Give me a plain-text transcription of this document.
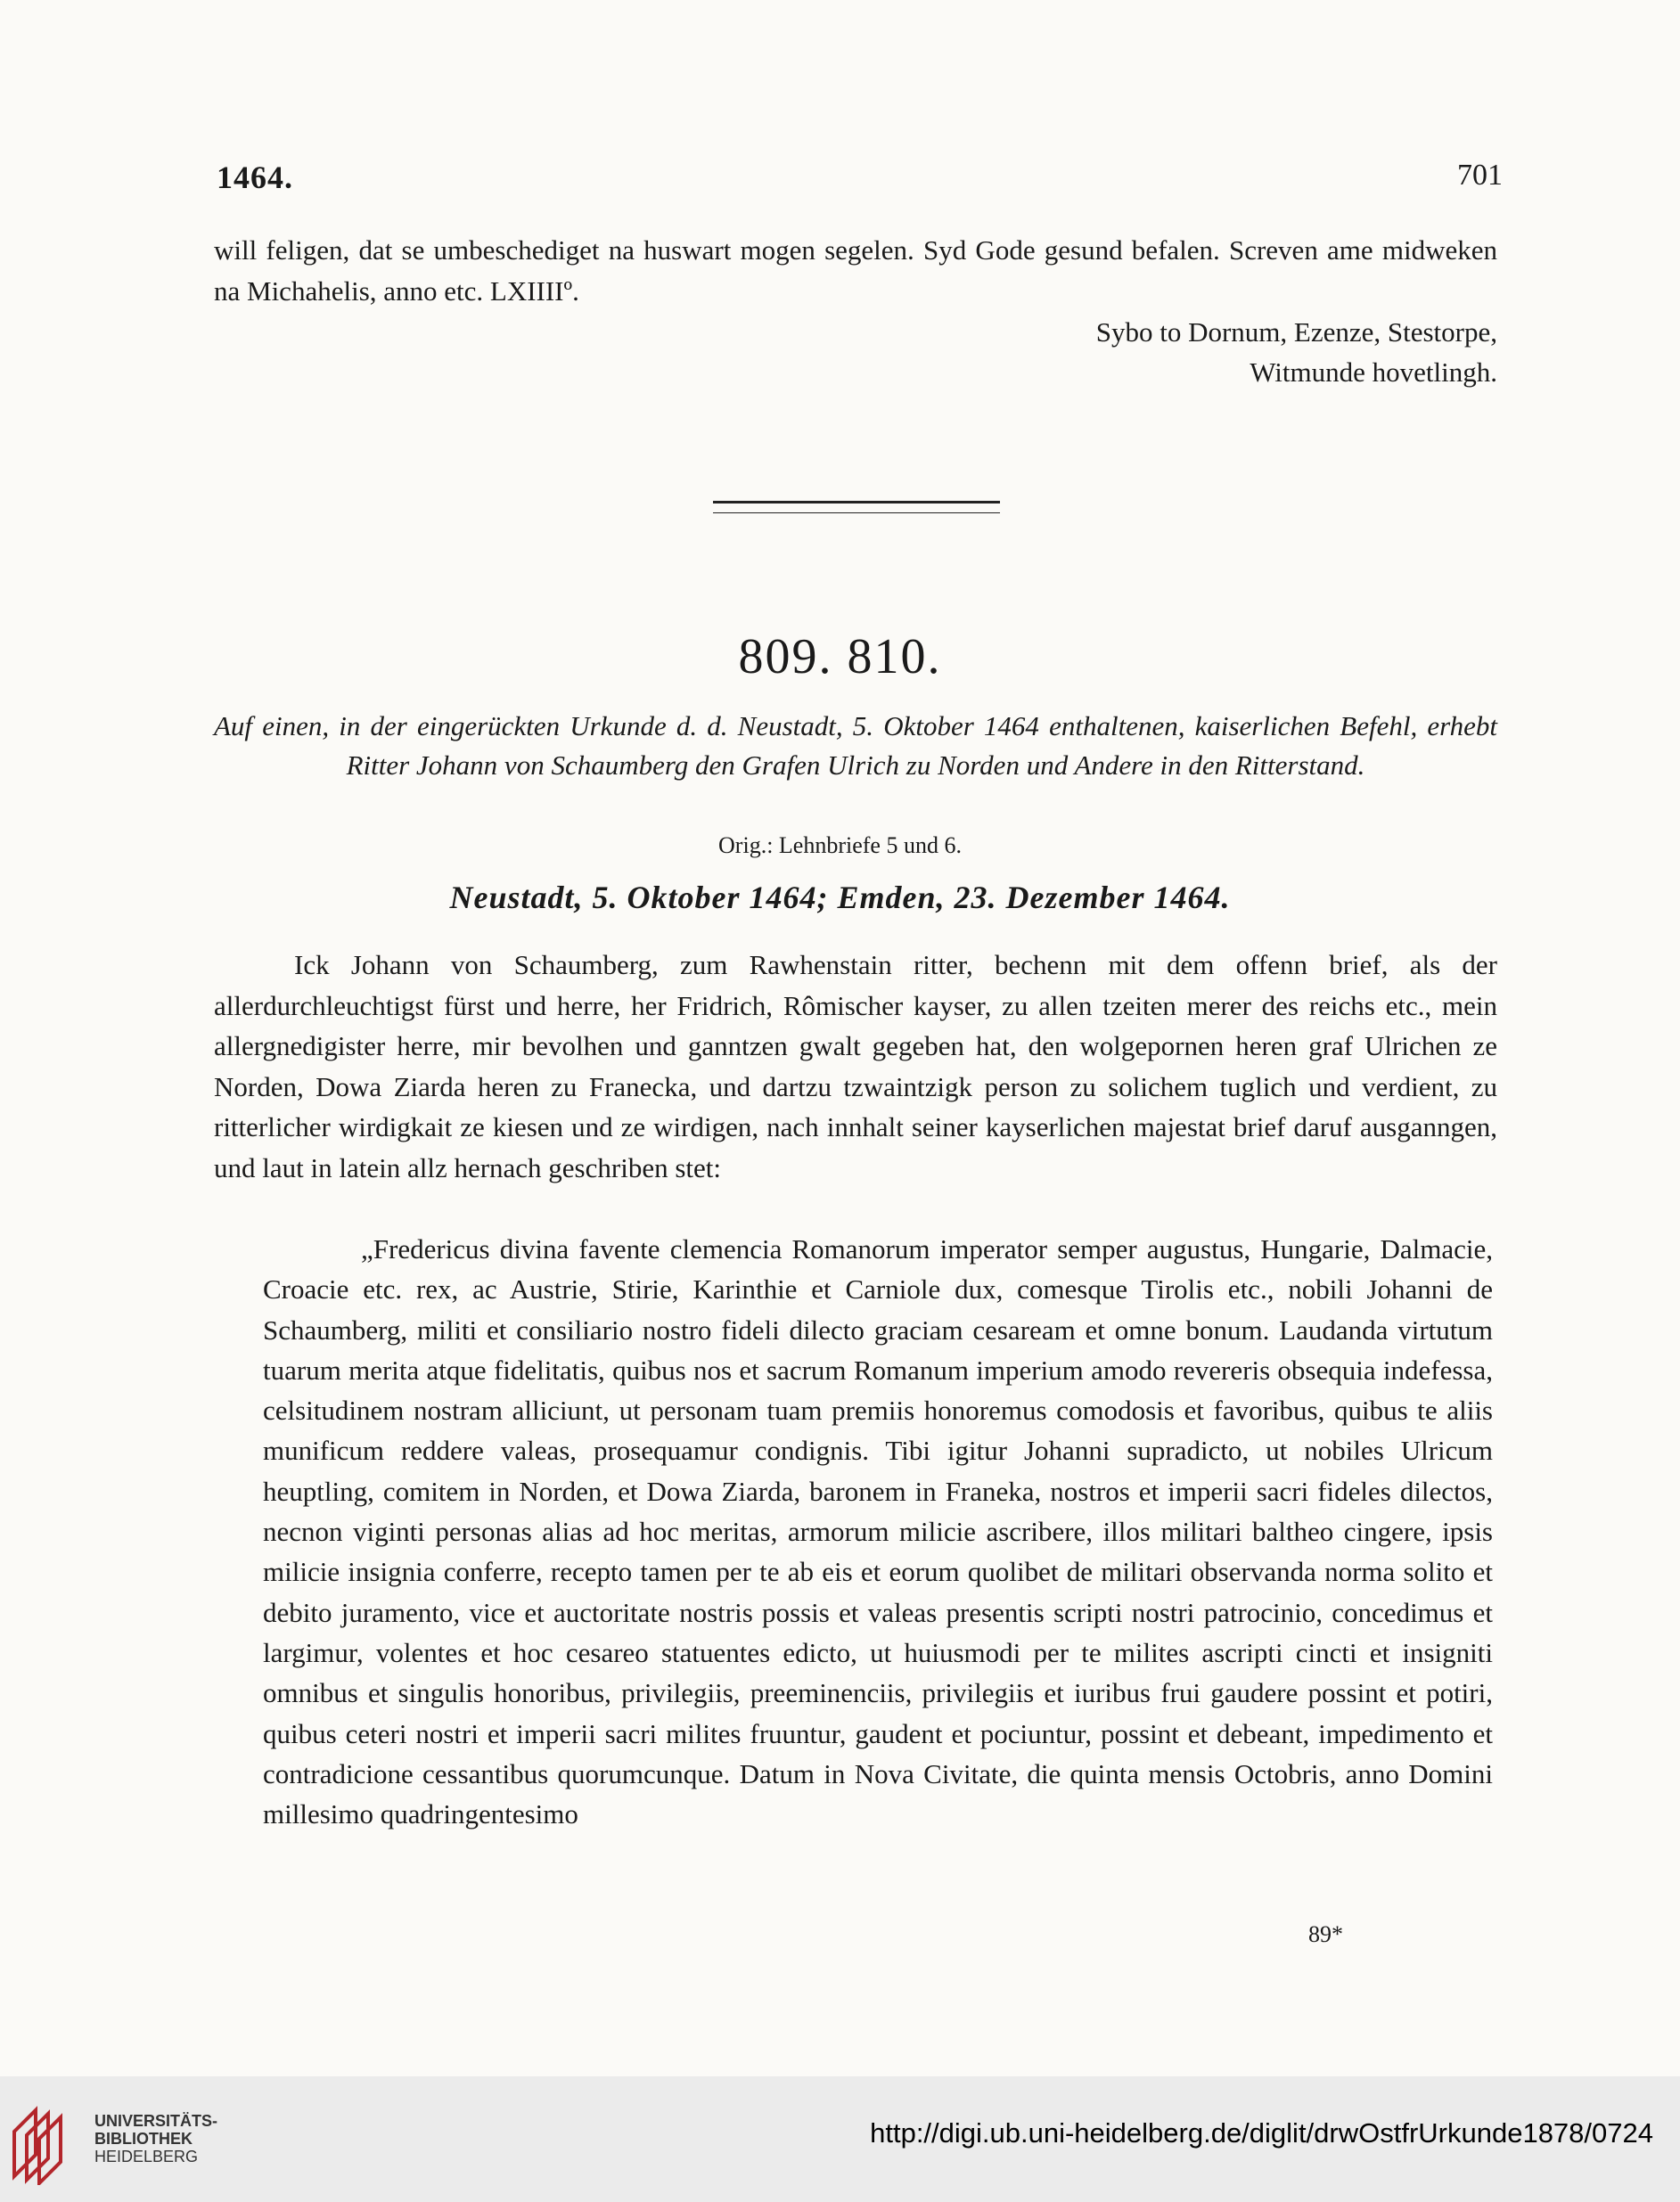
1464.	701

will feligen, dat se umbeschediget na huswart mogen segelen. Syd Gode gesund befalen. Screven ame midweken na Michahelis, anno etc. LXIIIIº.

Sybo to Dornum, Ezenze, Stestorpe,
Witmunde hovetlingh.
809. 810.
Auf einen, in der eingerückten Urkunde d. d. Neustadt, 5. Oktober 1464 enthaltenen, kaiserlichen Befehl, erhebt Ritter Johann von Schaumberg den Grafen Ulrich zu Norden und Andere in den Ritterstand.
Orig.: Lehnbriefe 5 und 6.
Neustadt, 5. Oktober 1464; Emden, 23. Dezember 1464.

Ick Johann von Schaumberg, zum Rawhenstain ritter, bechenn mit dem offenn brief, als der allerdurchleuchtigst fürst und herre, her Fridrich, Rômischer kayser, zu allen tzeiten merer des reichs etc., mein allergnedigister herre, mir bevolhen und ganntzen gwalt gegeben hat, den wolgepornen heren graf Ulrichen ze Norden, Dowa Ziarda heren zu Franecka, und dartzu tzwaintzigk person zu solichem tuglich und verdient, zu ritterlicher wirdigkait ze kiesen und ze wirdigen, nach innhalt seiner kayserlichen majestat brief daruf ausganngen, und laut in latein allz hernach geschriben stet:

„Fredericus divina favente clemencia Romanorum imperator semper augustus, Hungarie, Dalmacie, Croacie etc. rex, ac Austrie, Stirie, Karinthie et Carniole dux, comesque Tirolis etc., nobili Johanni de Schaumberg, militi et consiliario nostro fideli dilecto graciam cesaream et omne bonum. Laudanda virtutum tuarum merita atque fidelitatis, quibus nos et sacrum Romanum imperium amodo revereris obsequia indefessa, celsitudinem nostram alliciunt, ut personam tuam premiis honoremus comodosis et favoribus, quibus te aliis munificum reddere valeas, prosequamur condignis. Tibi igitur Johanni supradicto, ut nobiles Ulricum heuptling, comitem in Norden, et Dowa Ziarda, baronem in Franeka, nostros et imperii sacri fideles dilectos, necnon viginti personas alias ad hoc meritas, armorum milicie ascribere, illos militari baltheo cingere, ipsis milicie insignia conferre, recepto tamen per te ab eis et eorum quolibet de militari observanda norma solito et debito juramento, vice et auctoritate nostris possis et valeas presentis scripti nostri patrocinio, concedimus et largimur, volentes et hoc cesareo statuentes edicto, ut huiusmodi per te milites ascripti cincti et insigniti omnibus et singulis honoribus, privilegiis, preeminenciis, privilegiis et iuribus frui gaudere possint et potiri, quibus ceteri nostri et imperii sacri milites fruuntur, gaudent et pociuntur, possint et debeant, impedimento et contradicione cessantibus quorumcunque. Datum in Nova Civitate, die quinta mensis Octobris, anno Domini millesimo quadringentesimo

89*
UNIVERSITÄTS-
BIBLIOTHEK
HEIDELBERG
http://digi.ub.uni-heidelberg.de/diglit/drwOstfrUrkunde1878/0724
